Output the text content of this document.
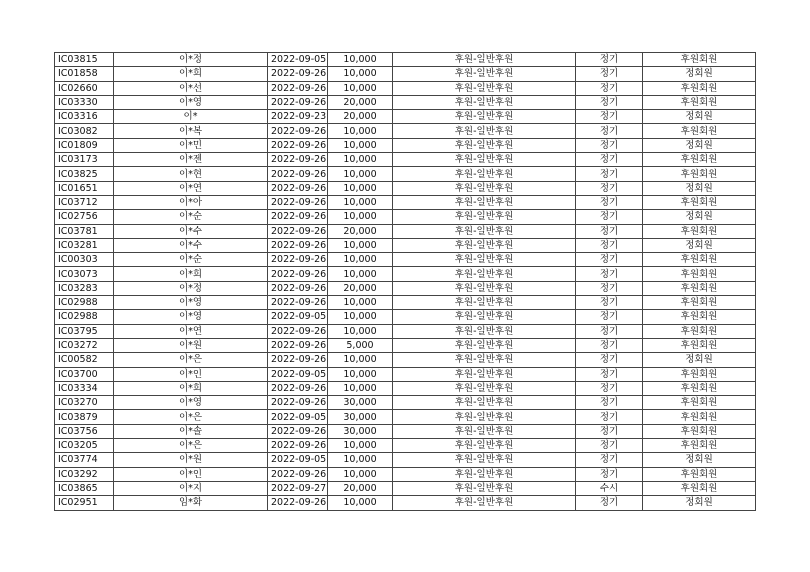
IC03815	이*정	2022-09-05	10,000	후원-일반후원	정기	후원회원
IC01858	이*희	2022-09-26	10,000	후원-일반후원	정기	정회원
IC02660	이*선	2022-09-26	10,000	후원-일반후원	정기	후원회원
IC03330	이*영	2022-09-26	20,000	후원-일반후원	정기	후원회원
IC03316	이*	2022-09-23	20,000	후원-일반후원	정기	정회원
IC03082	이*복	2022-09-26	10,000	후원-일반후원	정기	후원회원
IC01809	이*민	2022-09-26	10,000	후원-일반후원	정기	정회원
IC03173	이*젠	2022-09-26	10,000	후원-일반후원	정기	후원회원
IC03825	이*현	2022-09-26	10,000	후원-일반후원	정기	후원회원
IC01651	이*연	2022-09-26	10,000	후원-일반후원	정기	정회원
IC03712	이*아	2022-09-26	10,000	후원-일반후원	정기	후원회원
IC02756	이*순	2022-09-26	10,000	후원-일반후원	정기	정회원
IC03781	이*수	2022-09-26	20,000	후원-일반후원	정기	후원회원
IC03281	이*수	2022-09-26	10,000	후원-일반후원	정기	정회원
IC00303	이*순	2022-09-26	10,000	후원-일반후원	정기	후원회원
IC03073	이*희	2022-09-26	10,000	후원-일반후원	정기	후원회원
IC03283	이*정	2022-09-26	20,000	후원-일반후원	정기	후원회원
IC02988	이*영	2022-09-26	10,000	후원-일반후원	정기	후원회원
IC02988	이*영	2022-09-05	10,000	후원-일반후원	정기	후원회원
IC03795	이*연	2022-09-26	10,000	후원-일반후원	정기	후원회원
IC03272	이*원	2022-09-26	5,000	후원-일반후원	정기	후원회원
IC00582	이*은	2022-09-26	10,000	후원-일반후원	정기	정회원
IC03700	이*인	2022-09-05	10,000	후원-일반후원	정기	후원회원
IC03334	이*희	2022-09-26	10,000	후원-일반후원	정기	후원회원
IC03270	이*영	2022-09-26	30,000	후원-일반후원	정기	후원회원
IC03879	이*은	2022-09-05	30,000	후원-일반후원	정기	후원회원
IC03756	이*솔	2022-09-26	30,000	후원-일반후원	정기	후원회원
IC03205	이*은	2022-09-26	10,000	후원-일반후원	정기	후원회원
IC03774	이*원	2022-09-05	10,000	후원-일반후원	정기	정회원
IC03292	이*인	2022-09-26	10,000	후원-일반후원	정기	후원회원
IC03865	이*지	2022-09-27	20,000	후원-일반후원	수시	후원회원
IC02951	임*화	2022-09-26	10,000	후원-일반후원	정기	정회원
